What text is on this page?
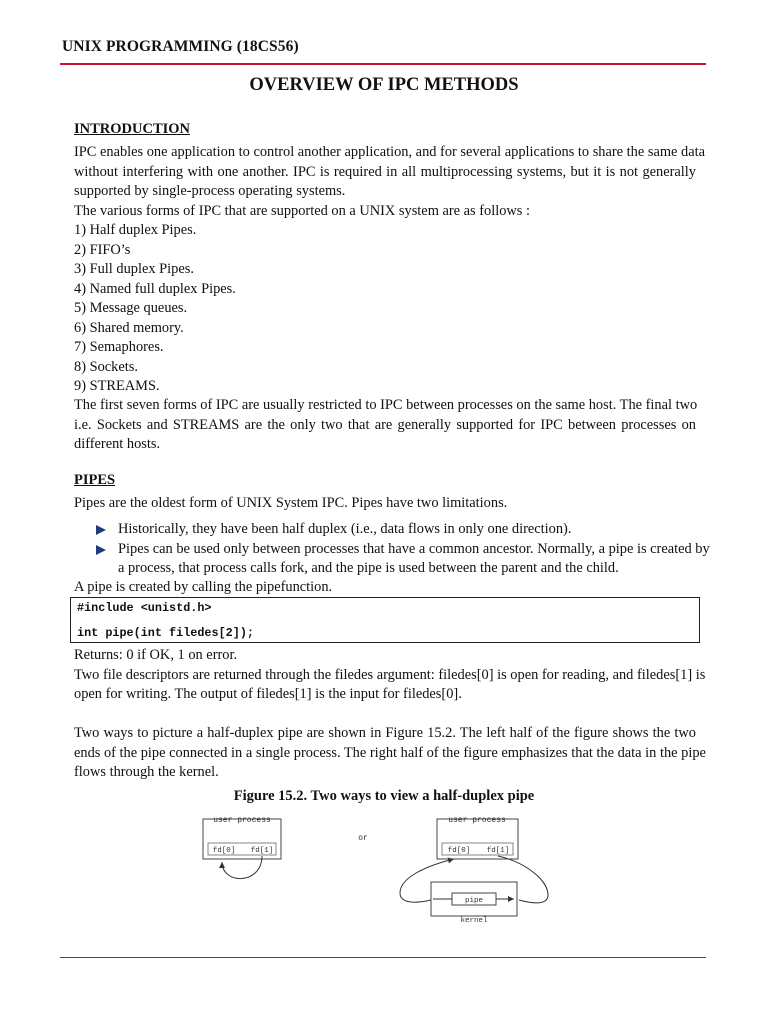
UNIX PROGRAMMING (18CS56)
OVERVIEW OF IPC METHODS
INTRODUCTION
IPC enables one application to control another application, and for several applications to share the same data
without interfering with one another. IPC is required in all multiprocessing systems, but it is not generally
supported by single-process operating systems.
The various forms of IPC that are supported on a UNIX system are as follows :
1) Half duplex Pipes.
2) FIFO’s
3) Full duplex Pipes.
4) Named full duplex Pipes.
5) Message queues.
6) Shared memory.
7) Semaphores.
8) Sockets.
9) STREAMS.
The first seven forms of IPC are usually restricted to IPC between processes on the same host. The final two
i.e. Sockets and STREAMS are the only two that are generally supported for IPC between processes on
different hosts.
PIPES
Pipes are the oldest form of UNIX System IPC. Pipes have two limitations.
Historically, they have been half duplex (i.e., data flows in only one direction).
Pipes can be used only between processes that have a common ancestor. Normally, a pipe is created by
a process, that process calls fork, and the pipe is used between the parent and the child.
A pipe is created by calling the pipefunction.
#include <unistd.h>
int pipe(int filedes[2]);
Returns: 0 if OK, 1 on error.
Two file descriptors are returned through the filedes argument: filedes[0] is open for reading, and filedes[1] is
open for writing. The output of filedes[1] is the input for filedes[0].
Two ways to picture a half-duplex pipe are shown in Figure 15.2. The left half of the figure shows the two
ends of the pipe connected in a single process. The right half of the figure emphasizes that the data in the pipe
flows through the kernel.
Figure 15.2. Two ways to view a half-duplex pipe
user process
fd[0] fd[1]
or
user process
fd[0] fd[1]
kernel
pipe
